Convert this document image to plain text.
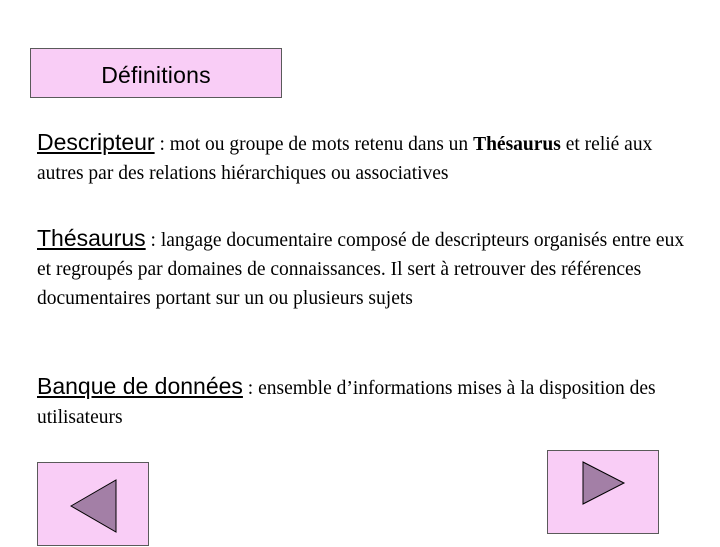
Définitions

Descripteur : mot ou groupe de mots retenu dans un Thésaurus et relié aux autres par des relations hiérarchiques ou associatives

Thésaurus : langage documentaire composé de descripteurs organisés entre eux et regroupés par domaines de connaissances. Il sert à retrouver des références documentaires portant sur un ou plusieurs sujets

Banque de données : ensemble d’informations mises à la disposition des utilisateurs
